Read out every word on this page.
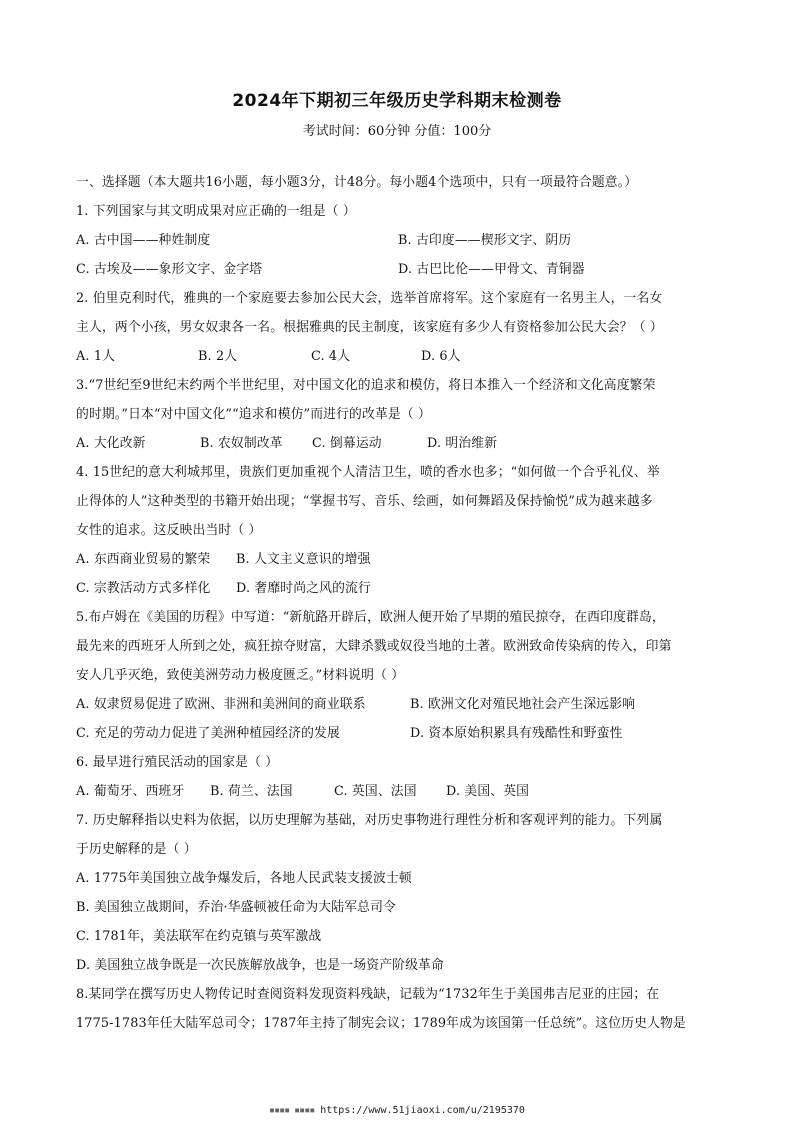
2024年下期初三年级历史学科期末检测卷
考试时间：60分钟 分值：100分
一、选择题（本大题共16小题，每小题3分，计48分。每小题4个选项中，只有一项最符合题意。）
1. 下列国家与其文明成果对应正确的一组是（ ）
A. 古中国——种姓制度	B. 古印度——楔形文字、阴历
C. 古埃及——象形文字、金字塔	D. 古巴比伦——甲骨文、青铜器
2. 伯里克利时代，雅典的一个家庭要去参加公民大会，选举首席将军。这个家庭有一名男主人，一名女
主人，两个小孩，男女奴隶各一名。根据雅典的民主制度，该家庭有多少人有资格参加公民大会？（ ）
A. 1人	B. 2人	C. 4人	D. 6人
3.“7世纪至9世纪末约两个半世纪里，对中国文化的追求和模仿，将日本推入一个经济和文化高度繁荣
的时期。”日本“对中国文化”“追求和模仿”而进行的改革是（ ）
A. 大化改新	B. 农奴制改革 C. 倒幕运动	D. 明治维新
4. 15世纪的意大利城邦里，贵族们更加重视个人清洁卫生，喷的香水也多；“如何做一个合乎礼仪、举
止得体的人”这种类型的书籍开始出现；“掌握书写、音乐、绘画，如何舞蹈及保持愉悦”成为越来越多
女性的追求。这反映出当时（ ）
A. 东西商业贸易的繁荣 B. 人文主义意识的增强
C. 宗教活动方式多样化 D. 奢靡时尚之风的流行
5.布卢姆在《美国的历程》中写道：“新航路开辟后，欧洲人便开始了早期的殖民掠夺，在西印度群岛，
最先来的西班牙人所到之处，疯狂掠夺财富，大肆杀戮或奴役当地的土著。欧洲致命传染病的传入，印第
安人几乎灭绝，致使美洲劳动力极度匮乏。”材料说明（ ）
A. 奴隶贸易促进了欧洲、非洲和美洲间的商业联系	B. 欧洲文化对殖民地社会产生深远影响
C. 充足的劳动力促进了美洲种植园经济的发展	D. 资本原始积累具有残酷性和野蛮性
6. 最早进行殖民活动的国家是（ ）
A. 葡萄牙、西班牙 B. 荷兰、法国	C. 英国、法国 D. 美国、英国
7. 历史解释指以史料为依据，以历史理解为基础，对历史事物进行理性分析和客观评判的能力。下列属
于历史解释的是（ ）
A. 1775年美国独立战争爆发后，各地人民武装支援波士顿
B. 美国独立战期间，乔治·华盛顿被任命为大陆军总司令
C. 1781年，美法联军在约克镇与英军激战
D. 美国独立战争既是一次民族解放战争，也是一场资产阶级革命
8.某同学在撰写历史人物传记时查阅资料发现资料残缺，记载为“1732年生于美国弗吉尼亚的庄园；在
1775-1783年任大陆军总司令；1787年主持了制宪会议；1789年成为该国第一任总统”。这位历史人物是
▪▪▪▪ ▪▪▪▪ https://www.51jiaoxi.com/u/2195370
